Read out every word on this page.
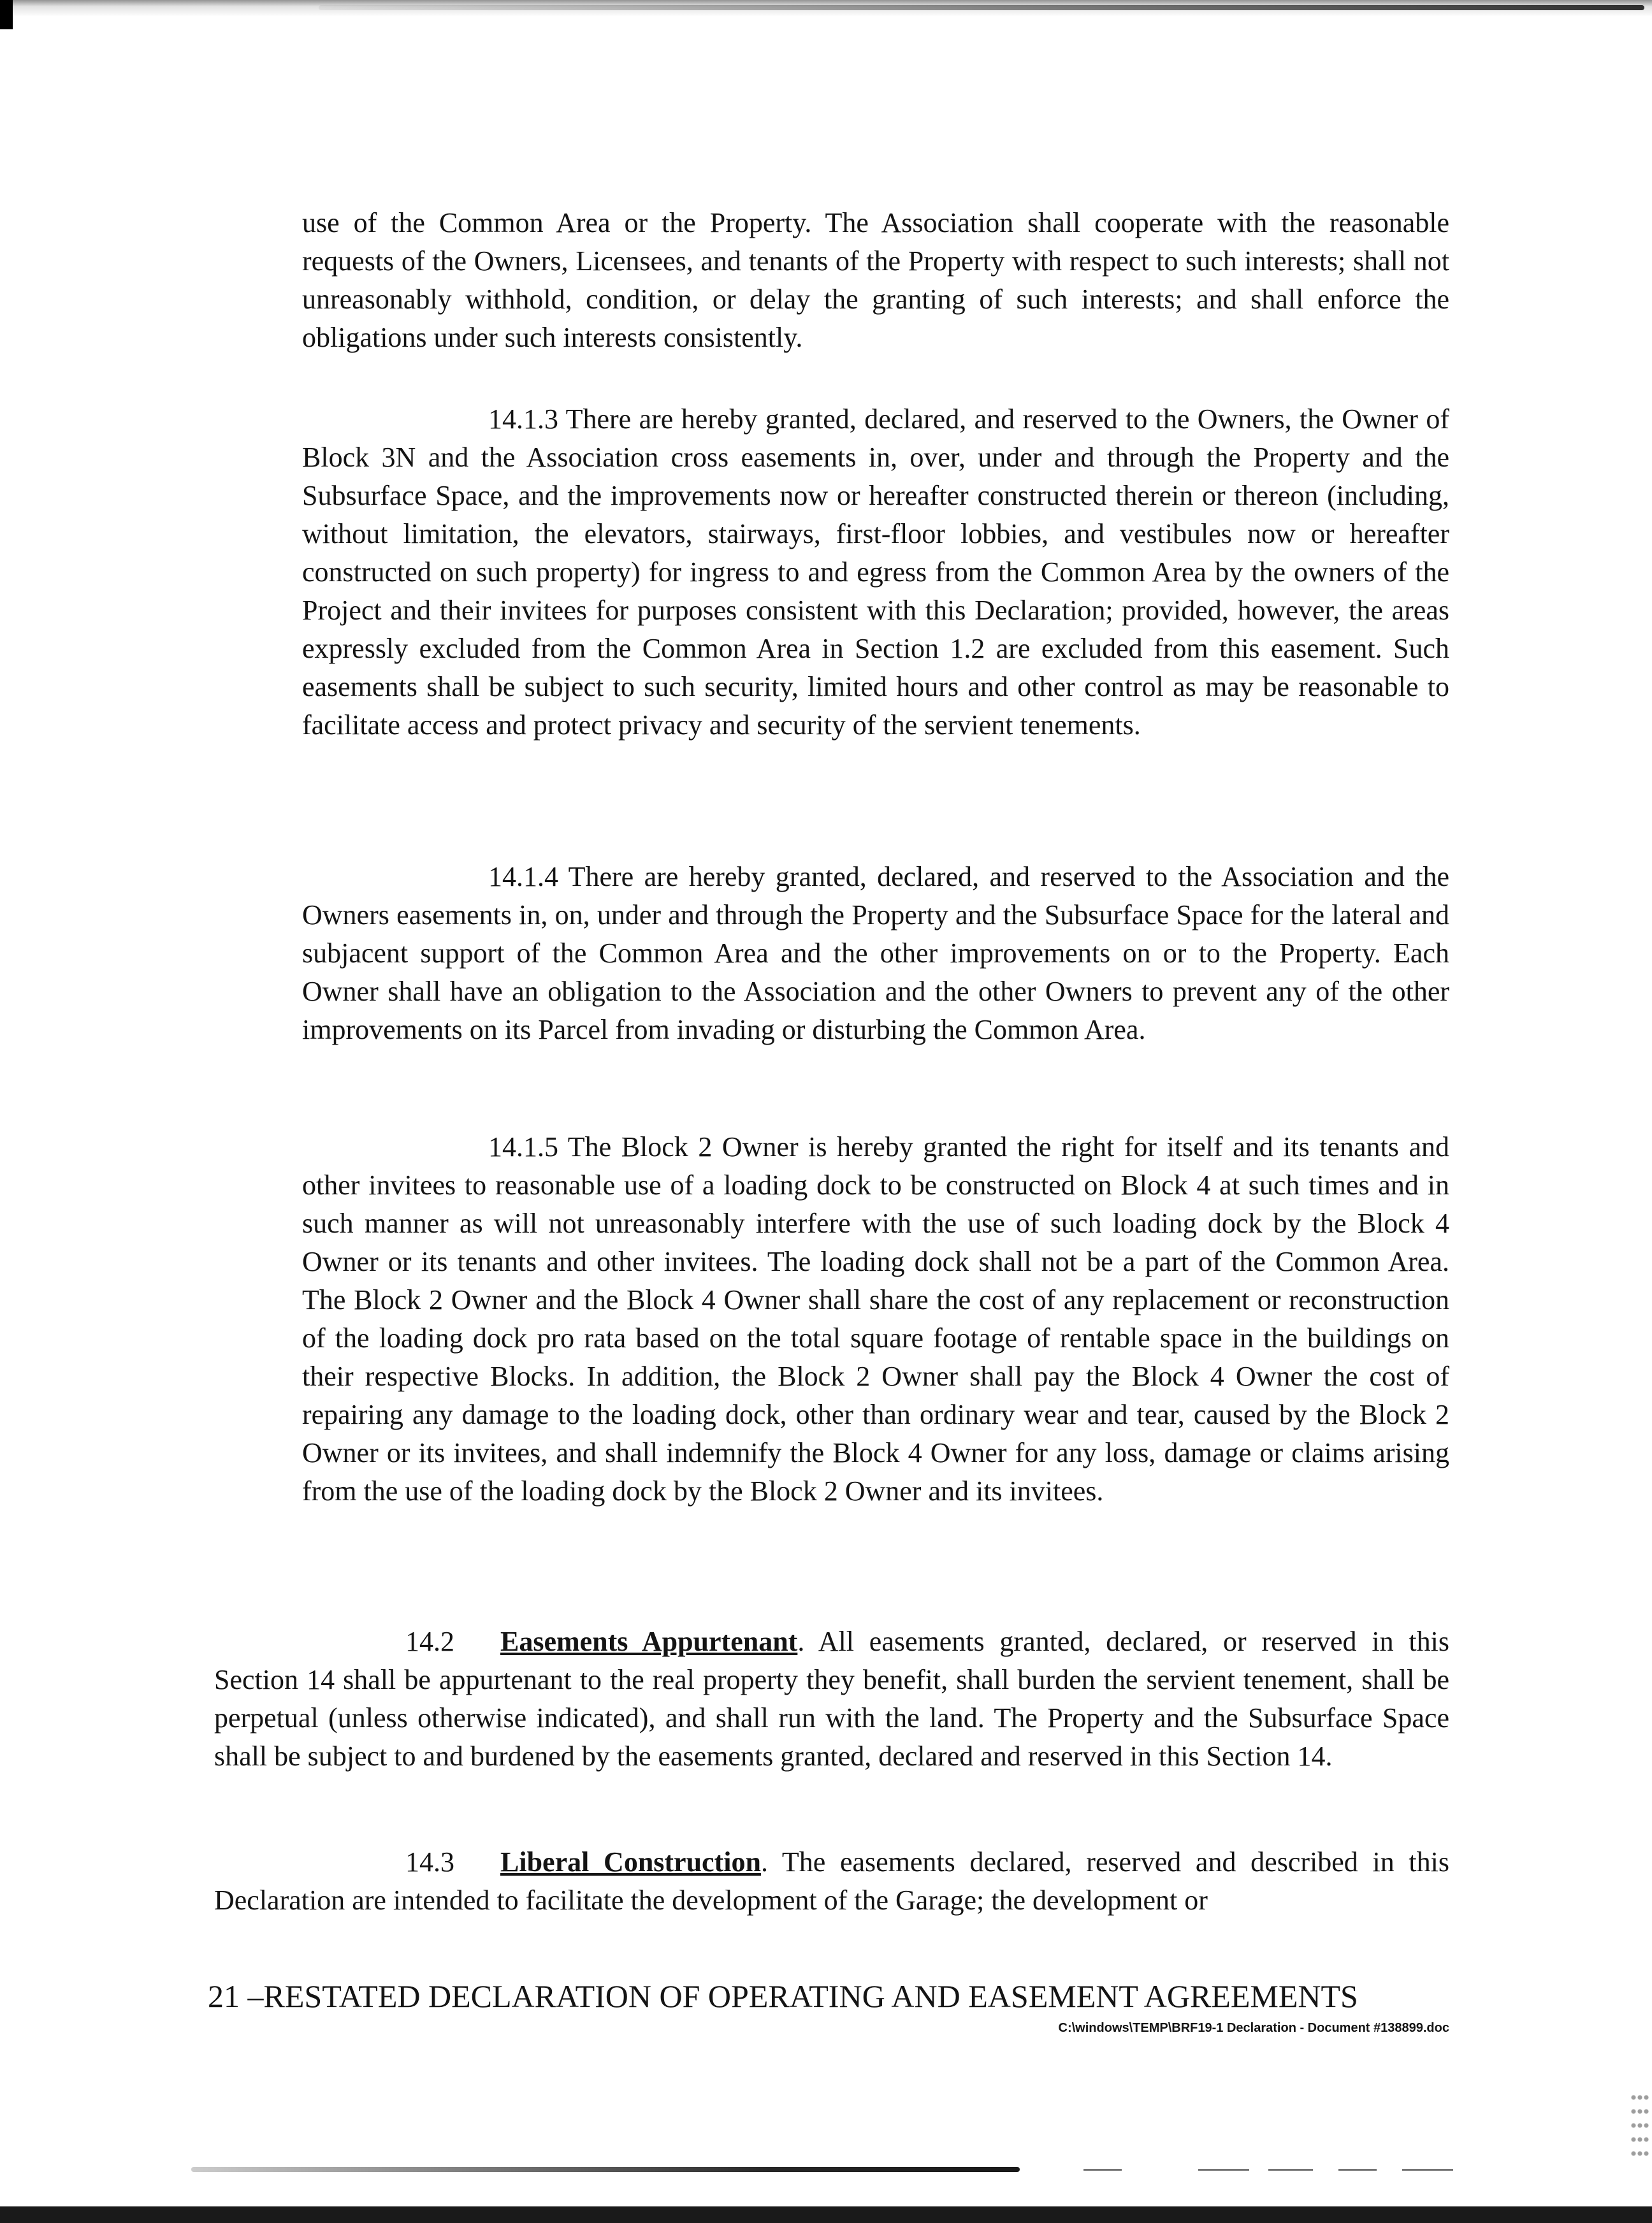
use of the Common Area or the Property. The Association shall cooperate with the reasonable requests of the Owners, Licensees, and tenants of the Property with respect to such interests; shall not unreasonably withhold, condition, or delay the granting of such interests; and shall enforce the obligations under such interests consistently.

14.1.3 There are hereby granted, declared, and reserved to the Owners, the Owner of Block 3N and the Association cross easements in, over, under and through the Property and the Subsurface Space, and the improvements now or hereafter constructed therein or thereon (including, without limitation, the elevators, stairways, first-floor lobbies, and vestibules now or hereafter constructed on such property) for ingress to and egress from the Common Area by the owners of the Project and their invitees for purposes consistent with this Declaration; provided, however, the areas expressly excluded from the Common Area in Section 1.2 are excluded from this easement. Such easements shall be subject to such security, limited hours and other control as may be reasonable to facilitate access and protect privacy and security of the servient tenements.

14.1.4 There are hereby granted, declared, and reserved to the Association and the Owners easements in, on, under and through the Property and the Subsurface Space for the lateral and subjacent support of the Common Area and the other improvements on or to the Property. Each Owner shall have an obligation to the Association and the other Owners to prevent any of the other improvements on its Parcel from invading or disturbing the Common Area.

14.1.5 The Block 2 Owner is hereby granted the right for itself and its tenants and other invitees to reasonable use of a loading dock to be constructed on Block 4 at such times and in such manner as will not unreasonably interfere with the use of such loading dock by the Block 4 Owner or its tenants and other invitees. The loading dock shall not be a part of the Common Area. The Block 2 Owner and the Block 4 Owner shall share the cost of any replacement or reconstruction of the loading dock pro rata based on the total square footage of rentable space in the buildings on their respective Blocks. In addition, the Block 2 Owner shall pay the Block 4 Owner the cost of repairing any damage to the loading dock, other than ordinary wear and tear, caused by the Block 2 Owner or its invitees, and shall indemnify the Block 4 Owner for any loss, damage or claims arising from the use of the loading dock by the Block 2 Owner and its invitees.

14.2 Easements Appurtenant. All easements granted, declared, or reserved in this Section 14 shall be appurtenant to the real property they benefit, shall burden the servient tenement, shall be perpetual (unless otherwise indicated), and shall run with the land. The Property and the Subsurface Space shall be subject to and burdened by the easements granted, declared and reserved in this Section 14.

14.3 Liberal Construction. The easements declared, reserved and described in this Declaration are intended to facilitate the development of the Garage; the development or

21 –RESTATED DECLARATION OF OPERATING AND EASEMENT AGREEMENTS

C:\windows\TEMP\BRF19-1 Declaration - Document #138899.doc
